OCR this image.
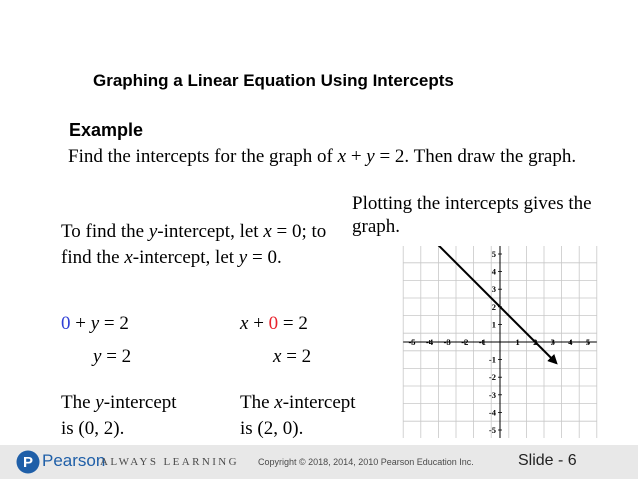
Graphing a Linear Equation Using Intercepts
Example
Find the intercepts for the graph of x + y = 2. Then draw the graph.
Plotting the intercepts gives the graph.
To find the y-intercept, let x = 0; to find the x-intercept, let y = 0.
0 + y = 2
y = 2
x + 0 = 2
x = 2
The y-intercept
is (0, 2).
The x-intercept
is (2, 0).
-5 -4 -3 -2 -1	1	3 4 5
5
4
3
2
1
-1
-2
-3
-4
-5
P Pearson
ALWAYS LEARNING Copyright © 2018, 2014, 2010 Pearson Education Inc.	Slide - 6
